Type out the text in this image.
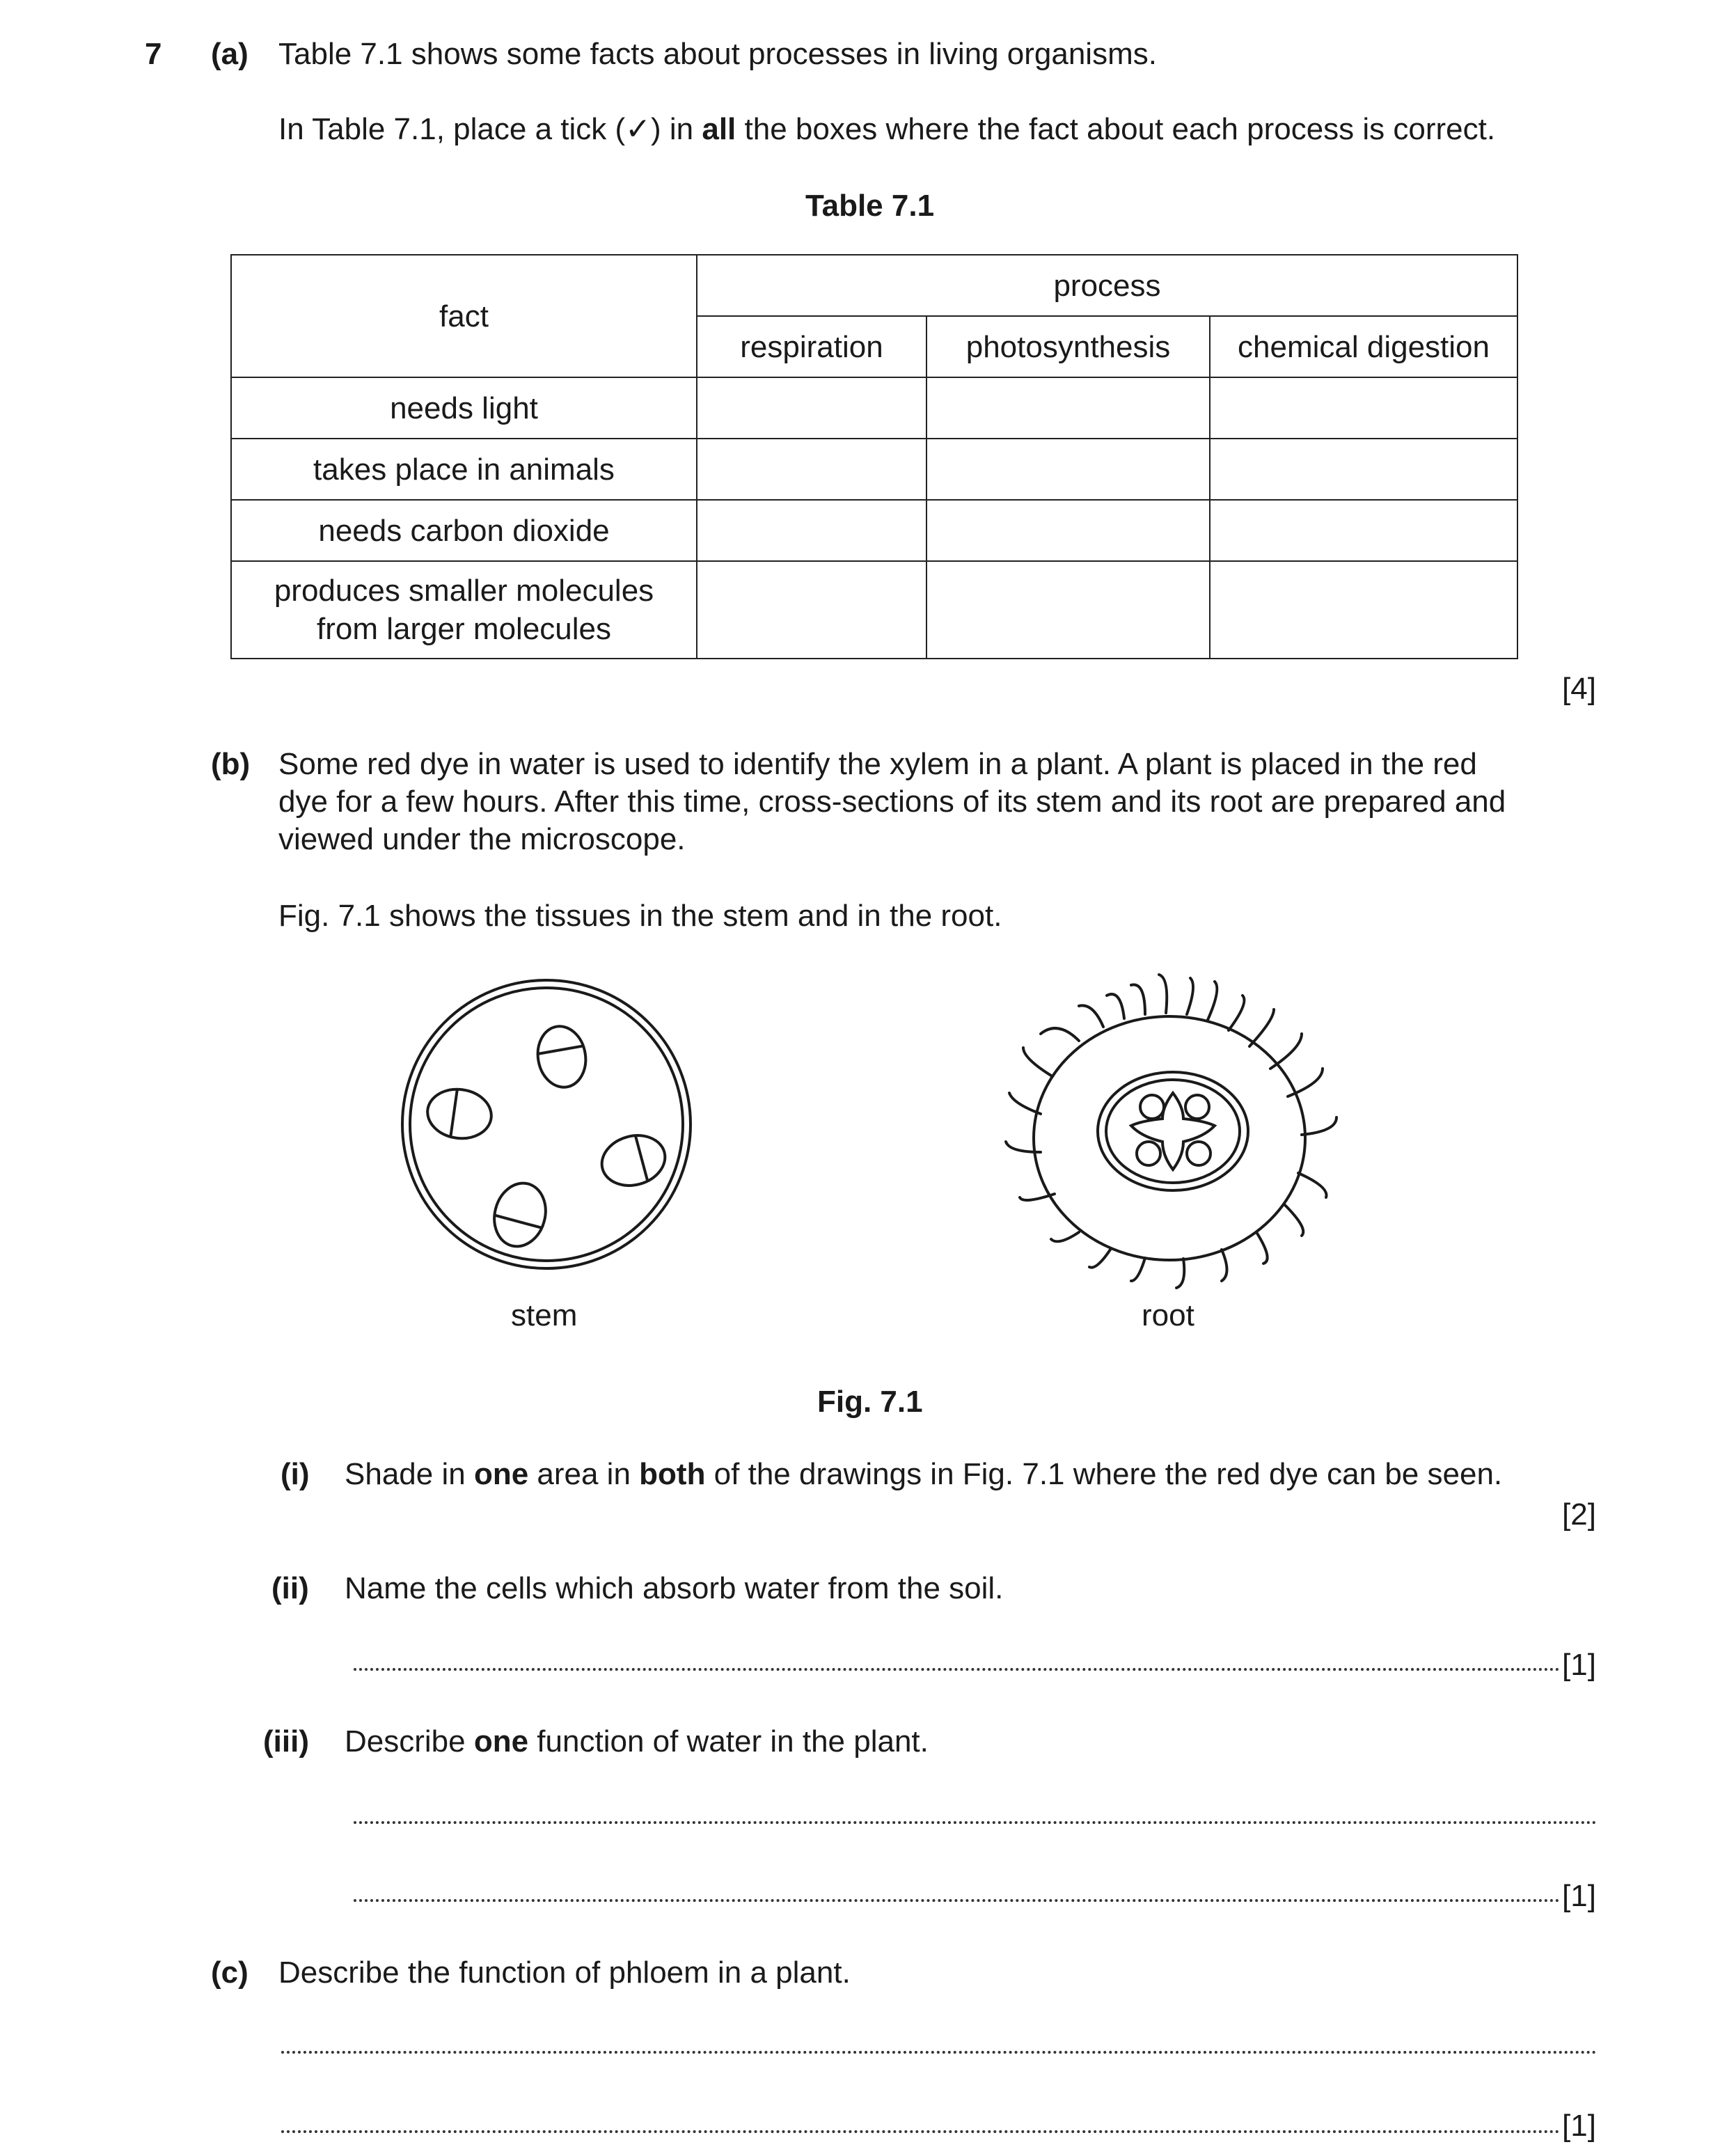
7 (a) Table 7.1 shows some facts about processes in living organisms.
In Table 7.1, place a tick (✓) in all the boxes where the fact about each process is correct.
Table 7.1
fact	process		
	respiration	photosynthesis	chemical digestion
needs light			
takes place in animals			
needs carbon dioxide			
produces smaller molecules
from larger molecules			
[4]
(b) Some red dye in water is used to identify the xylem in a plant. A plant is placed in the red
dye for a few hours. After this time, cross-sections of its stem and its root are prepared and
viewed under the microscope.
Fig. 7.1 shows the tissues in the stem and in the root.
stem	root
Fig. 7.1
(i) Shade in one area in both of the drawings in Fig. 7.1 where the red dye can be seen.
[2]
(ii) Name the cells which absorb water from the soil.
[1]
(iii) Describe one function of water in the plant.
[1]
(c) Describe the function of phloem in a plant.
[1]
